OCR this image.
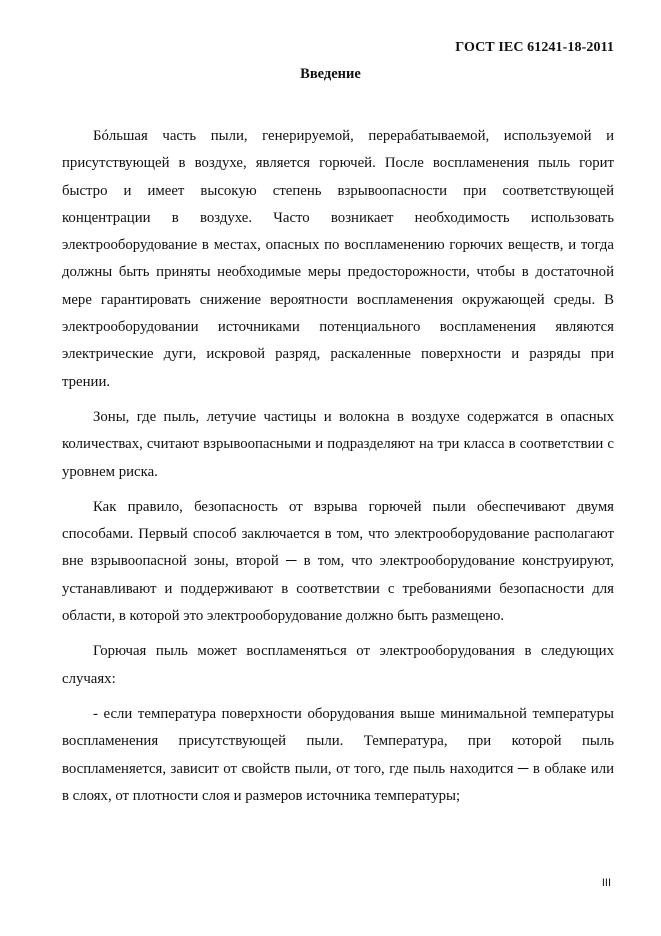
ГОСТ IEC 61241-18-2011
Введение

Бóльшая часть пыли, генерируемой, перерабатываемой, используемой и присутствующей в воздухе, является горючей. После воспламенения пыль горит быстро и имеет высокую степень взрывоопасности при соответствующей концентрации в воздухе. Часто возникает необходимость использовать электрооборудование в местах, опасных по воспламенению горючих веществ, и тогда должны быть приняты необходимые меры предосторожности, чтобы в достаточной мере гарантировать снижение вероятности воспламенения окружающей среды. В электрооборудовании источниками потенциального воспламенения являются электрические дуги, искровой разряд, раскаленные поверхности и разряды при трении.

Зоны, где пыль, летучие частицы и волокна в воздухе содержатся в опасных количествах, считают взрывоопасными и подразделяют на три класса в соответствии с уровнем риска.

Как правило, безопасность от взрыва горючей пыли обеспечивают двумя способами. Первый способ заключается в том, что электрооборудование располагают вне взрывоопасной зоны, второй ─ в том, что электрооборудование конструируют, устанавливают и поддерживают в соответствии с требованиями безопасности для области, в которой это электрооборудование должно быть размещено.

Горючая пыль может воспламеняться от электрооборудования в следующих случаях:

- если температура поверхности оборудования выше минимальной температуры воспламенения присутствующей пыли. Температура, при которой пыль воспламеняется, зависит от свойств пыли, от того, где пыль находится ─ в облаке или в слоях, от плотности слоя и размеров источника температуры;

III
